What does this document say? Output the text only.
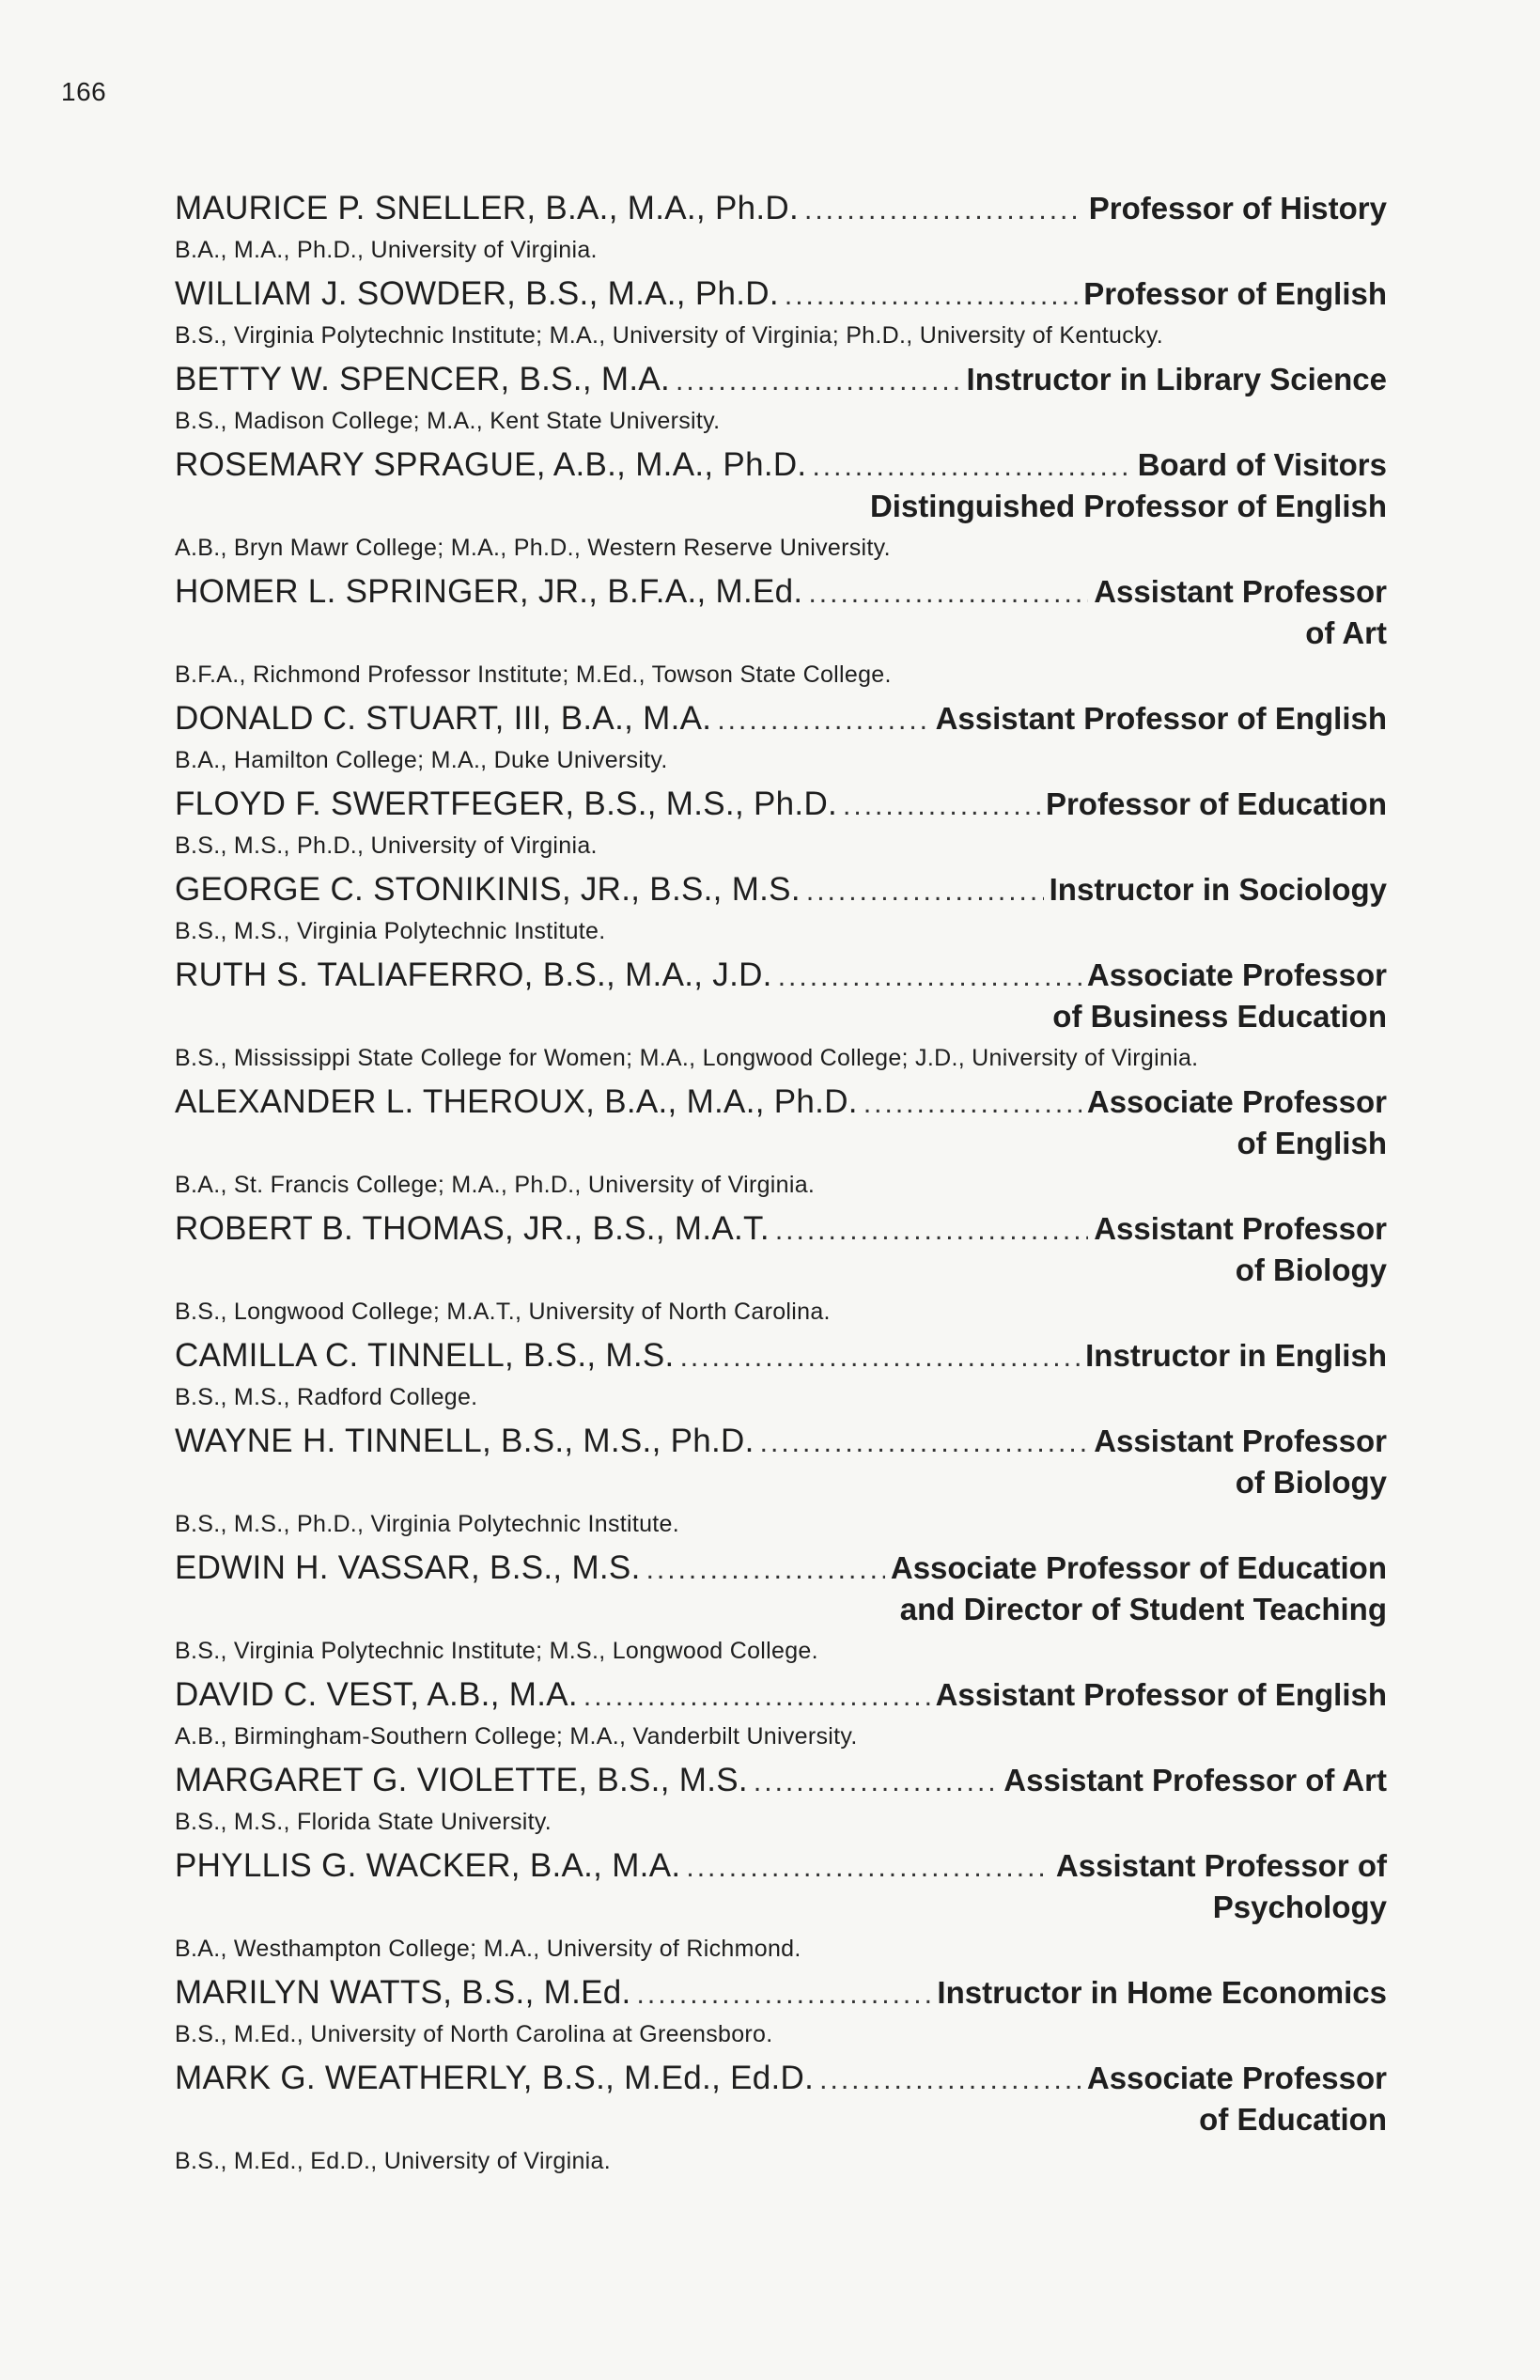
166
MAURICE P. SNELLER, B.A., M.A., Ph.D. .....	Professor of History
B.A., M.A., Ph.D., University of Virginia.
WILLIAM J. SOWDER, B.S., M.A., Ph.D. .....	Professor of English
B.S., Virginia Polytechnic Institute; M.A., University of Virginia; Ph.D., University of Kentucky.
BETTY W. SPENCER, B.S., M.A. .....	Instructor in Library Science
B.S., Madison College; M.A., Kent State University.
ROSEMARY SPRAGUE, A.B., M.A., Ph.D. .....	Board of Visitors
Distinguished Professor of English
A.B., Bryn Mawr College; M.A., Ph.D., Western Reserve University.
HOMER L. SPRINGER, JR., B.F.A., M.Ed. .....	Assistant Professor
of Art
B.F.A., Richmond Professor Institute; M.Ed., Towson State College.
DONALD C. STUART, III, B.A., M.A. .....	Assistant Professor of English
B.A., Hamilton College; M.A., Duke University.
FLOYD F. SWERTFEGER, B.S., M.S., Ph.D. .....	Professor of Education
B.S., M.S., Ph.D., University of Virginia.
GEORGE C. STONIKINIS, JR., B.S., M.S. .....	Instructor in Sociology
B.S., M.S., Virginia Polytechnic Institute.
RUTH S. TALIAFERRO, B.S., M.A., J.D. .....	Associate Professor
of Business Education
B.S., Mississippi State College for Women; M.A., Longwood College; J.D., University of Virginia.
ALEXANDER L. THEROUX, B.A., M.A., Ph.D. .....	Associate Professor
of English
B.A., St. Francis College; M.A., Ph.D., University of Virginia.
ROBERT B. THOMAS, JR., B.S., M.A.T. .....	Assistant Professor
of Biology
B.S., Longwood College; M.A.T., University of North Carolina.
CAMILLA C. TINNELL, B.S., M.S. .....	Instructor in English
B.S., M.S., Radford College.
WAYNE H. TINNELL, B.S., M.S., Ph.D. .....	Assistant Professor
of Biology
B.S., M.S., Ph.D., Virginia Polytechnic Institute.
EDWIN H. VASSAR, B.S., M.S. .....	Associate Professor of Education
and Director of Student Teaching
B.S., Virginia Polytechnic Institute; M.S., Longwood College.
DAVID C. VEST, A.B., M.A. .....	Assistant Professor of English
A.B., Birmingham-Southern College; M.A., Vanderbilt University.
MARGARET G. VIOLETTE, B.S., M.S. .....	Assistant Professor of Art
B.S., M.S., Florida State University.
PHYLLIS G. WACKER, B.A., M.A. .....	Assistant Professor of
Psychology
B.A., Westhampton College; M.A., University of Richmond.
MARILYN WATTS, B.S., M.Ed. .....	Instructor in Home Economics
B.S., M.Ed., University of North Carolina at Greensboro.
MARK G. WEATHERLY, B.S., M.Ed., Ed.D. .....	Associate Professor
of Education
B.S., M.Ed., Ed.D., University of Virginia.
